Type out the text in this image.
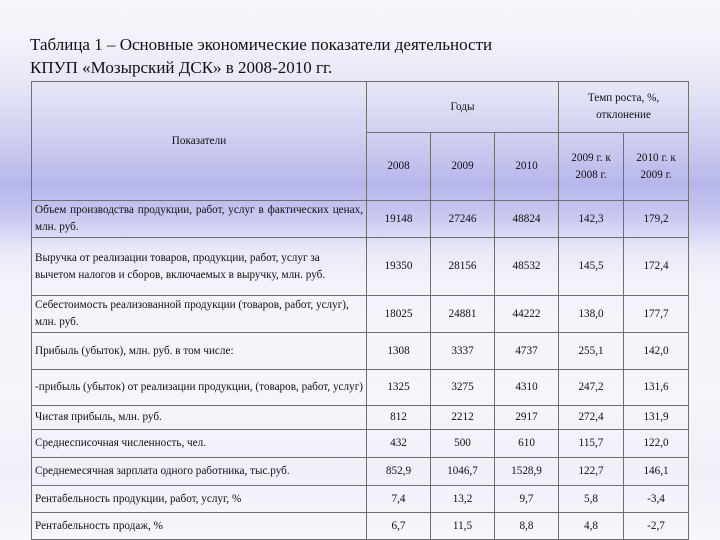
Таблица 1 – Основные экономические показатели деятельности
КПУП «Мозырский ДСК» в 2008-2010 гг.
Показатели	Годы			Темп роста, %, отклонение	
	2008	2009	2010	2009 г. к 2008 г.	2010 г. к 2009 г.
Объем производства продукции, работ, услуг в фактических ценах, млн. руб.	19148	27246	48824	142,3	179,2
Выручка от реализации товаров, продукции, работ, услуг за вычетом налогов и сборов, включаемых в выручку, млн. руб.	19350	28156	48532	145,5	172,4
Себестоимость реализованной продукции (товаров, работ, услуг), млн. руб.	18025	24881	44222	138,0	177,7
Прибыль (убыток), млн. руб. в том числе:	1308	3337	4737	255,1	142,0
-прибыль (убыток) от реализации продукции, (товаров, работ, услуг)	1325	3275	4310	247,2	131,6
Чистая прибыль, млн. руб.	812	2212	2917	272,4	131,9
Среднесписочная численность, чел.	432	500	610	115,7	122,0
Среднемесячная зарплата одного работника, тыс.руб.	852,9	1046,7	1528,9	122,7	146,1
Рентабельность продукции, работ, услуг, %	7,4	13,2	9,7	5,8	-3,4
Рентабельность продаж, %	6,7	11,5	8,8	4,8	-2,7
